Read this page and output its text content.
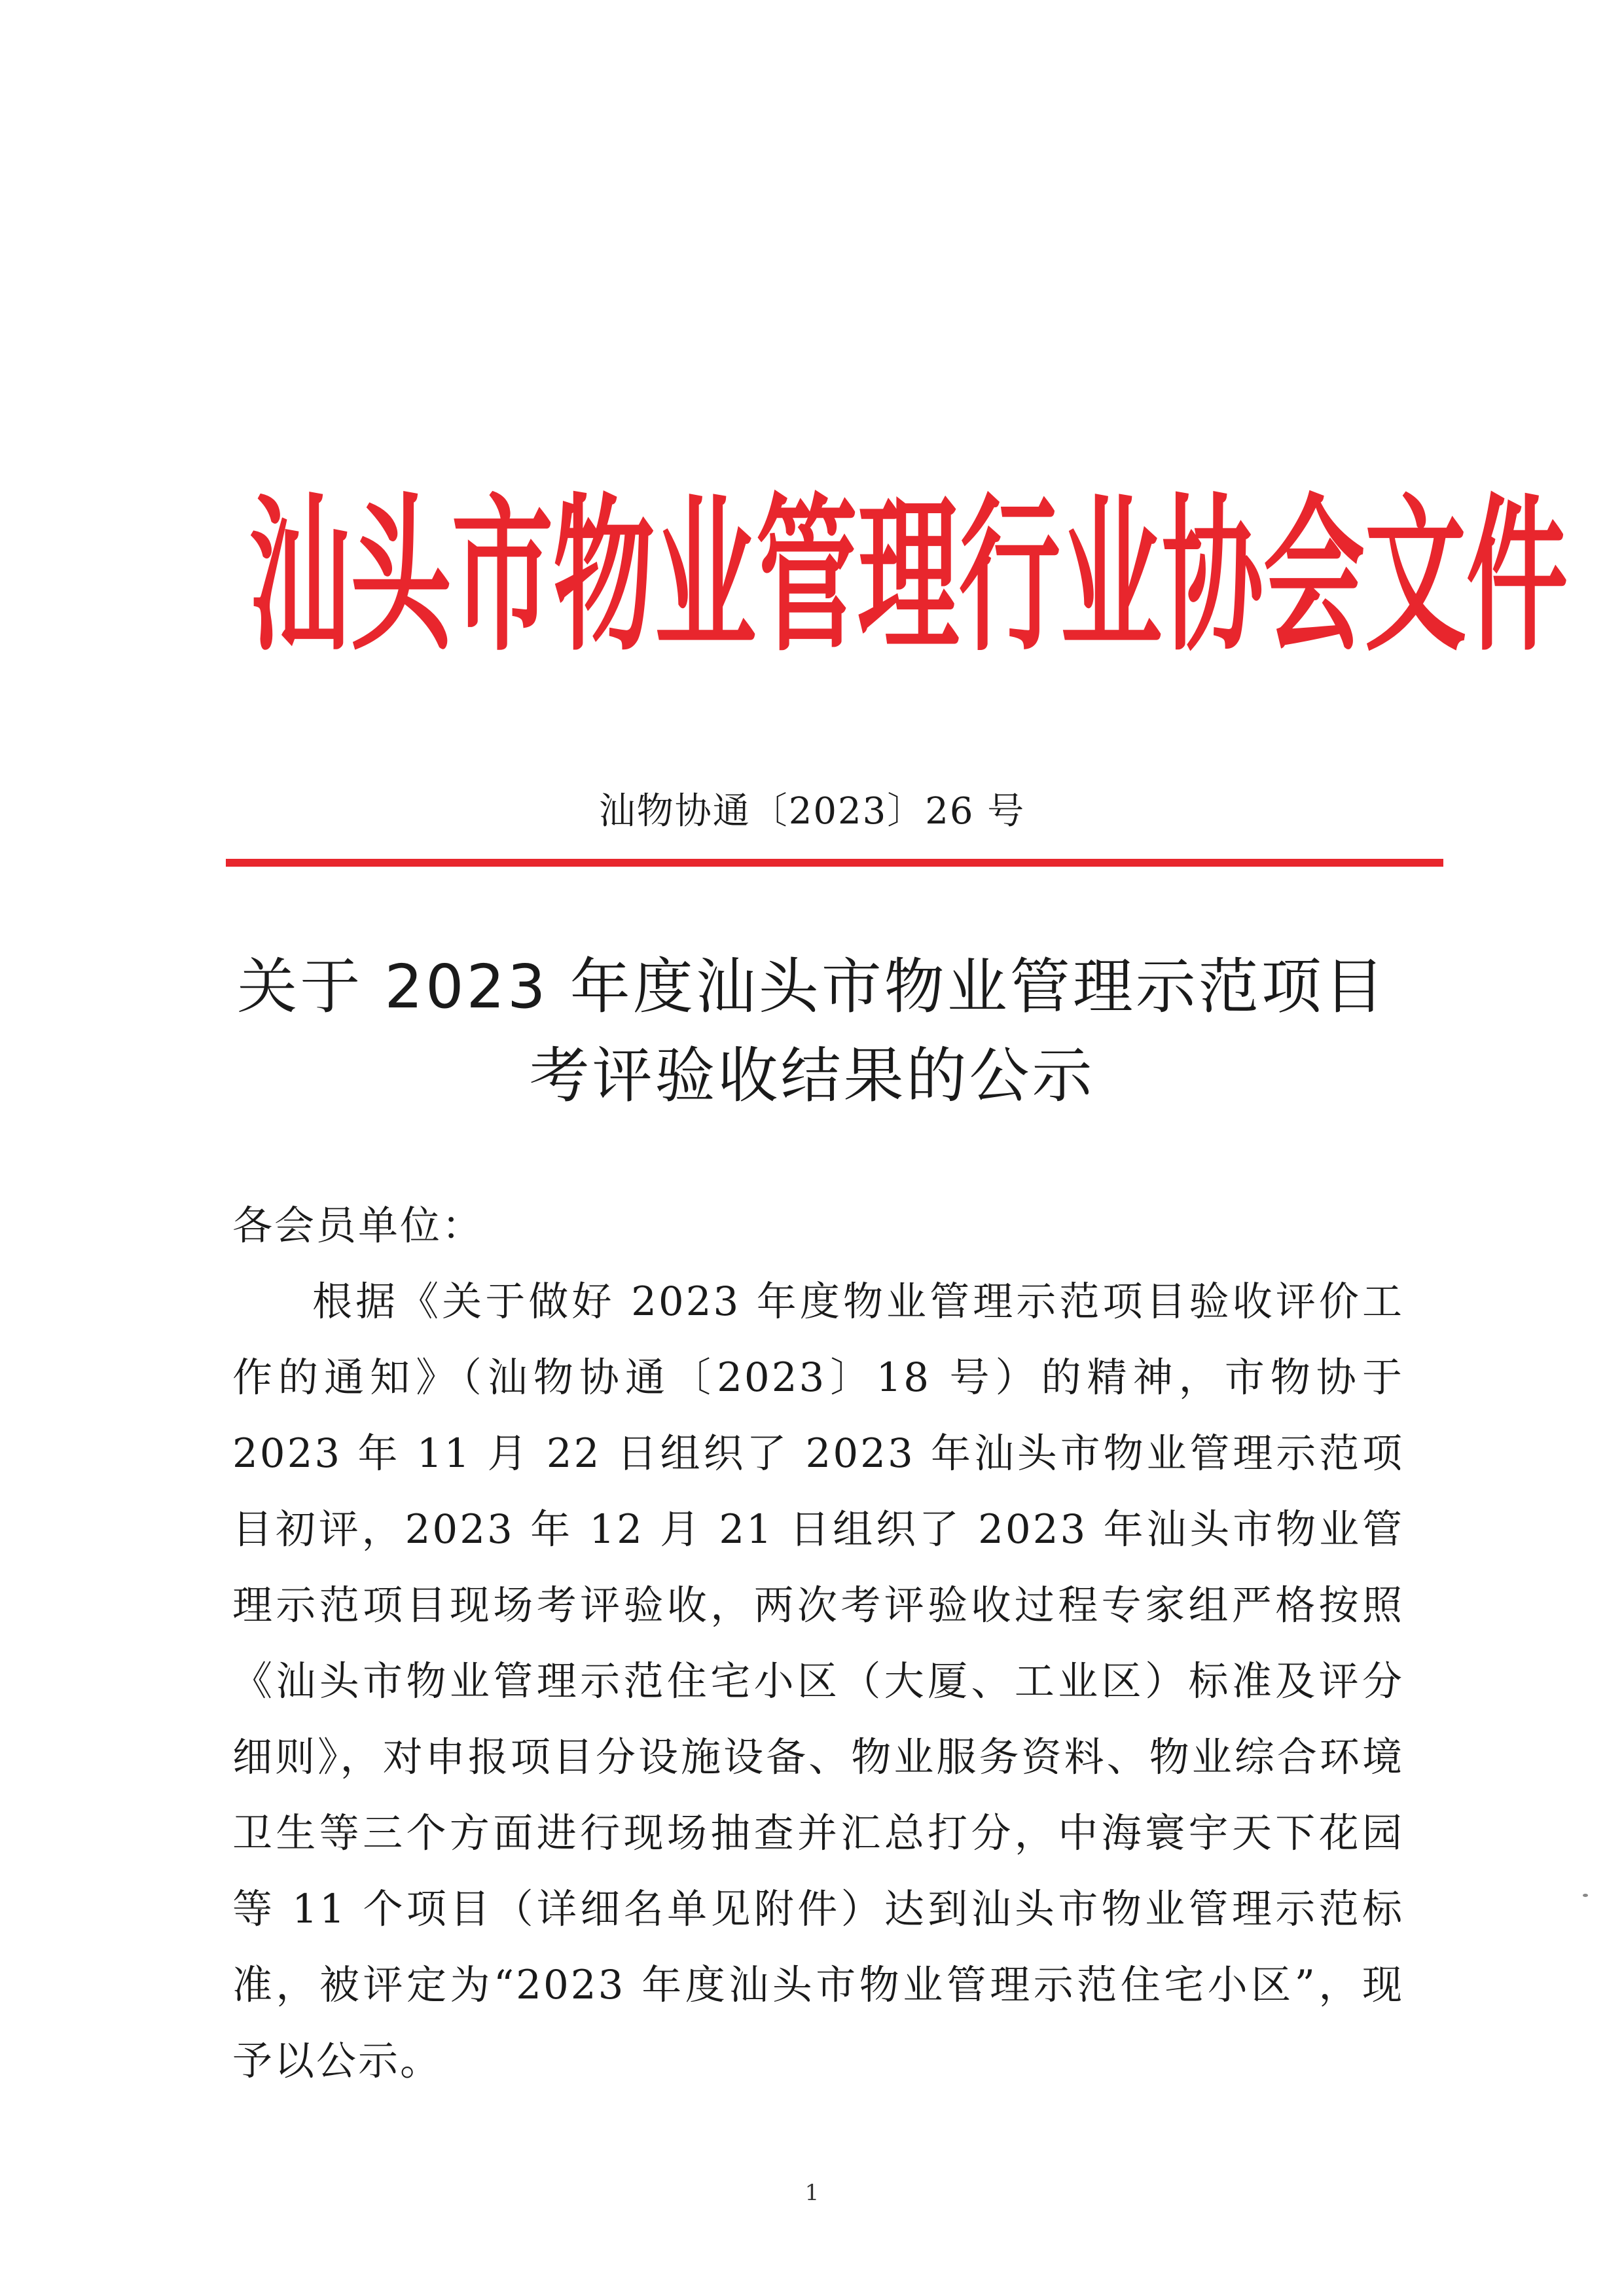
汕 头 市 物 业 管 理 行 业 协 会 文 件
汕物协通〔2023〕26 号
关于 2023 年度汕头市物业管理示范项目
考评验收结果的公示

各会员单位：

根据《关于做好 2023 年度物业管理示范项目验收评价工作的通知》（汕物协通〔2023〕18 号）的精神，市物协于 2023 年 11 月 22 日组织了 2023 年汕头市物业管理示范项目初评，2023 年 12 月 21 日组织了 2023 年汕头市物业管理示范项目现场考评验收，两次考评验收过程专家组严格按照《汕头市物业管理示范住宅小区（大厦、工业区）标准及评分细则》，对申报项目分设施设备、物业服务资料、物业综合环境卫生等三个方面进行现场抽查并汇总打分，中海寰宇天下花园等 11 个项目（详细名单见附件）达到汕头市物业管理示范标准，被评定为“2023 年度汕头市物业管理示范住宅小区”，现予以公示。

1
